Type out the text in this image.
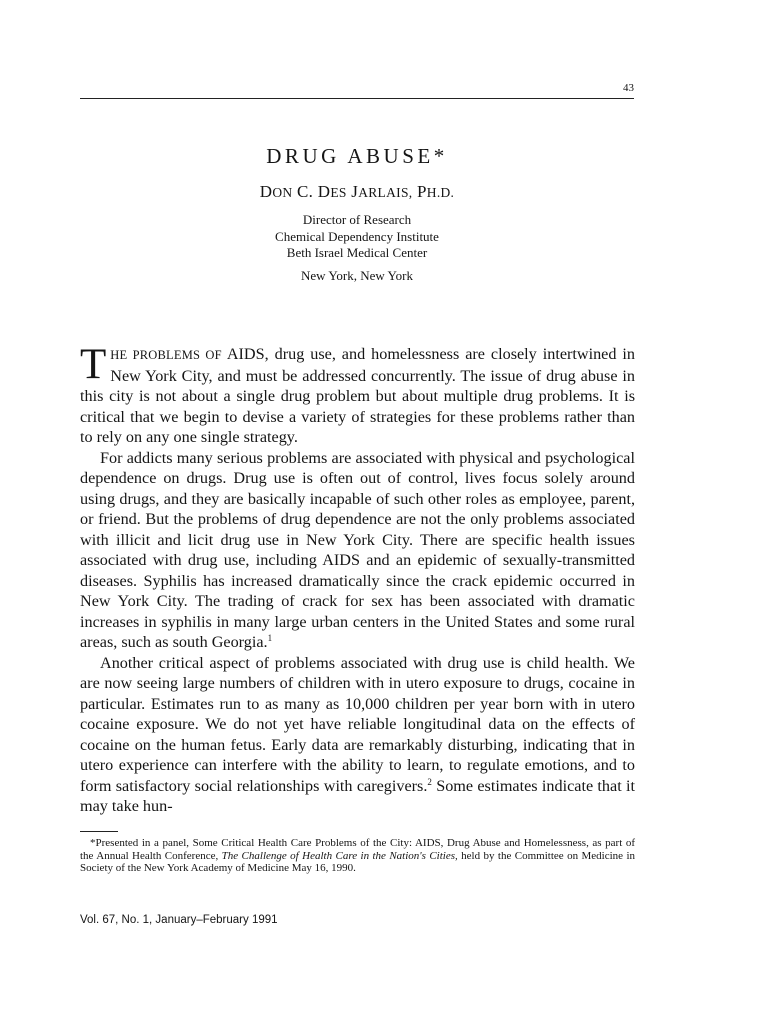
43
DRUG ABUSE*
DON C. DES JARLAIS, PH.D.
Director of Research
Chemical Dependency Institute
Beth Israel Medical Center
New York, New York

THE PROBLEMS OF AIDS, drug use, and homelessness are closely intertwined in New York City, and must be addressed concurrently. The issue of drug abuse in this city is not about a single drug problem but about multiple drug problems. It is critical that we begin to devise a variety of strategies for these problems rather than to rely on any one single strategy.

For addicts many serious problems are associated with physical and psychological dependence on drugs. Drug use is often out of control, lives focus solely around using drugs, and they are basically incapable of such other roles as employee, parent, or friend. But the problems of drug dependence are not the only problems associated with illicit and licit drug use in New York City. There are specific health issues associated with drug use, including AIDS and an epidemic of sexually-transmitted diseases. Syphilis has increased dramatically since the crack epidemic occurred in New York City. The trading of crack for sex has been associated with dramatic increases in syphilis in many large urban centers in the United States and some rural areas, such as south Georgia.$^1$

Another critical aspect of problems associated with drug use is child health. We are now seeing large numbers of children with in utero exposure to drugs, cocaine in particular. Estimates run to as many as 10,000 children per year born with in utero cocaine exposure. We do not yet have reliable longitudinal data on the effects of cocaine on the human fetus. Early data are remarkably disturbing, indicating that in utero experience can interfere with the ability to learn, to regulate emotions, and to form satisfactory social relationships with caregivers.$^2$ Some estimates indicate that it may take hun-

*Presented in a panel, Some Critical Health Care Problems of the City: AIDS, Drug Abuse and Homelessness, as part of the Annual Health Conference, The Challenge of Health Care in the Nation's Cities, held by the Committee on Medicine in Society of the New York Academy of Medicine May 16, 1990.
Vol. 67, No. 1, January–February 1991
